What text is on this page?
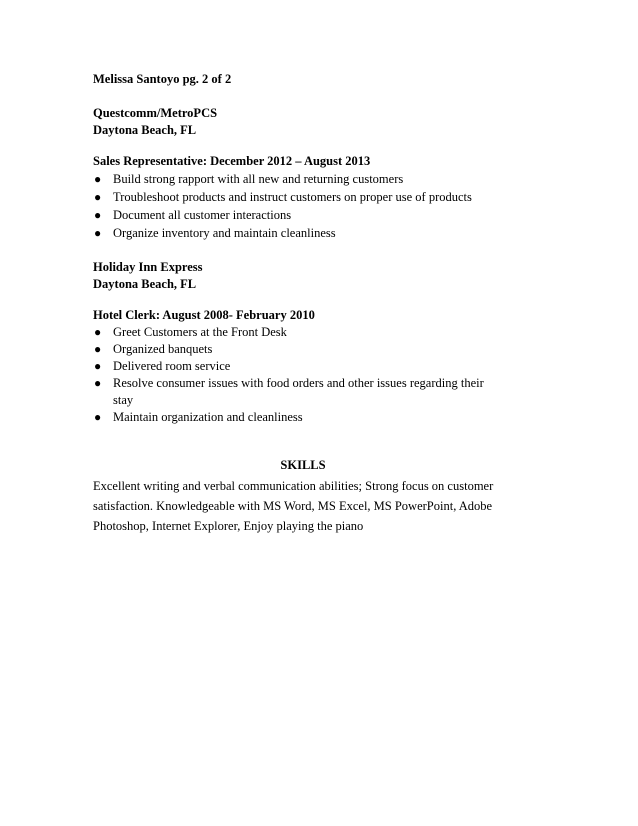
Melissa Santoyo pg. 2 of 2
Questcomm/MetroPCS
Daytona Beach, FL
Sales Representative: December 2012 – August 2013
● Build strong rapport with all new and returning customers
● Troubleshoot products and instruct customers on proper use of products
● Document all customer interactions
● Organize inventory and maintain cleanliness
Holiday Inn Express
Daytona Beach, FL
Hotel Clerk: August 2008- February 2010
● Greet Customers at the Front Desk
● Organized banquets
● Delivered room service
● Resolve consumer issues with food orders and other issues regarding their stay
● Maintain organization and cleanliness
SKILLS
Excellent writing and verbal communication abilities; Strong focus on customer satisfaction. Knowledgeable with MS Word, MS Excel, MS PowerPoint, Adobe Photoshop, Internet Explorer, Enjoy playing the piano
